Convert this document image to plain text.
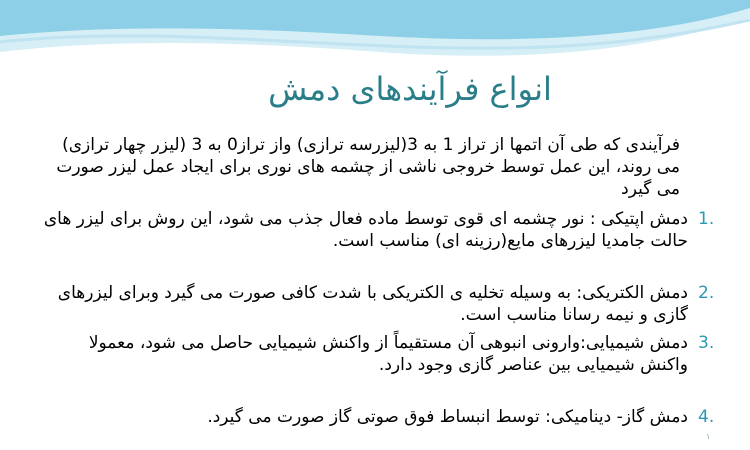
انواع فرآیندهای دمش
فرآیندی که طی آن اتمها از تراز 1 به 3(لیزرسه ترازی) واز تراز0 به 3 (لیزر چهار ترازی) می روند، این عمل توسط خروجی ناشی از چشمه های نوری برای ایجاد عمل لیزر صورت می گیرد
1.
دمش اپتیکی : نور چشمه ای قوی توسط ماده فعال جذب می شود، این روش برای لیزر های حالت جامدیا لیزرهای مایع(رزینه ای) مناسب است.
2.
دمش الکتریکی: به وسیله تخلیه ی الکتریکی با شدت کافی صورت می گیرد وبرای لیزرهای گازی و نیمه رسانا مناسب است.
3.
دمش شیمیایی:وارونی انبوهی آن مستقیماً از واکنش شیمیایی حاصل می شود، معمولا واکنش شیمیایی بین عناصر گازی وجود دارد.
4.
دمش گاز- دینامیکی: توسط انبساط فوق صوتی گاز صورت می گیرد.
۱
